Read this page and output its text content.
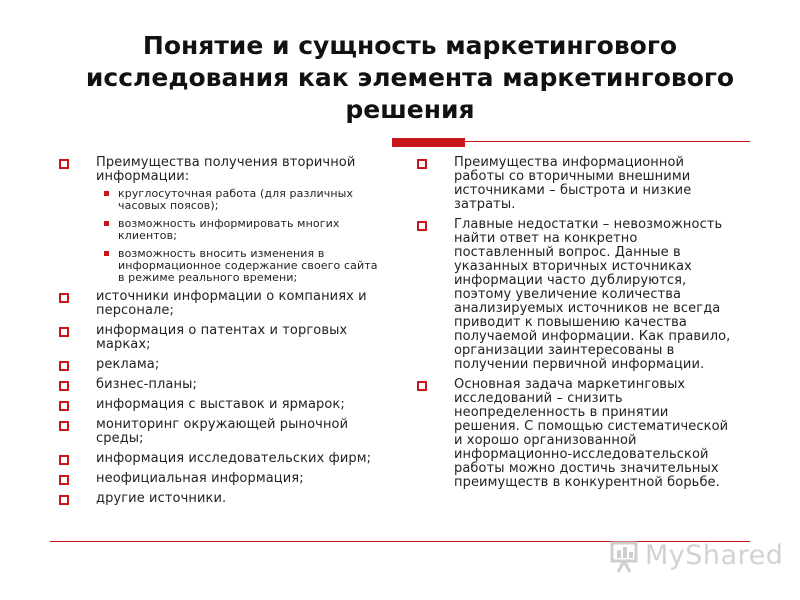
Понятие и сущность маркетингового исследования как элемента маркетингового решения
Преимущества получения вторичной информации:
круглосуточная работа (для различных часовых поясов);
возможность информировать многих клиентов;
возможность вносить изменения в информационное содержание своего сайта в режиме реального времени;
источники информации о компаниях и персонале;
информация о патентах и торговых марках;
реклама;
бизнес-планы;
информация с выставок и ярмарок;
мониторинг окружающей рыночной среды;
информация исследовательских фирм;
неофициальная информация;
другие источники.
Преимущества информационной работы со вторичными внешними источниками – быстрота и низкие затраты.
Главные недостатки – невозможность найти ответ на конкретно поставленный вопрос. Данные в указанных вторичных источниках информации часто дублируются, поэтому увеличение количества анализируемых источников не всегда приводит к повышению качества получаемой информации. Как правило, организации заинтересованы в получении первичной информации.
Основная задача маркетинговых исследований – снизить неопределенность в принятии решения. С помощью систематической и хорошо организованной информационно-исследовательской работы можно достичь значительных преимуществ в конкурентной борьбе.
MyShared
